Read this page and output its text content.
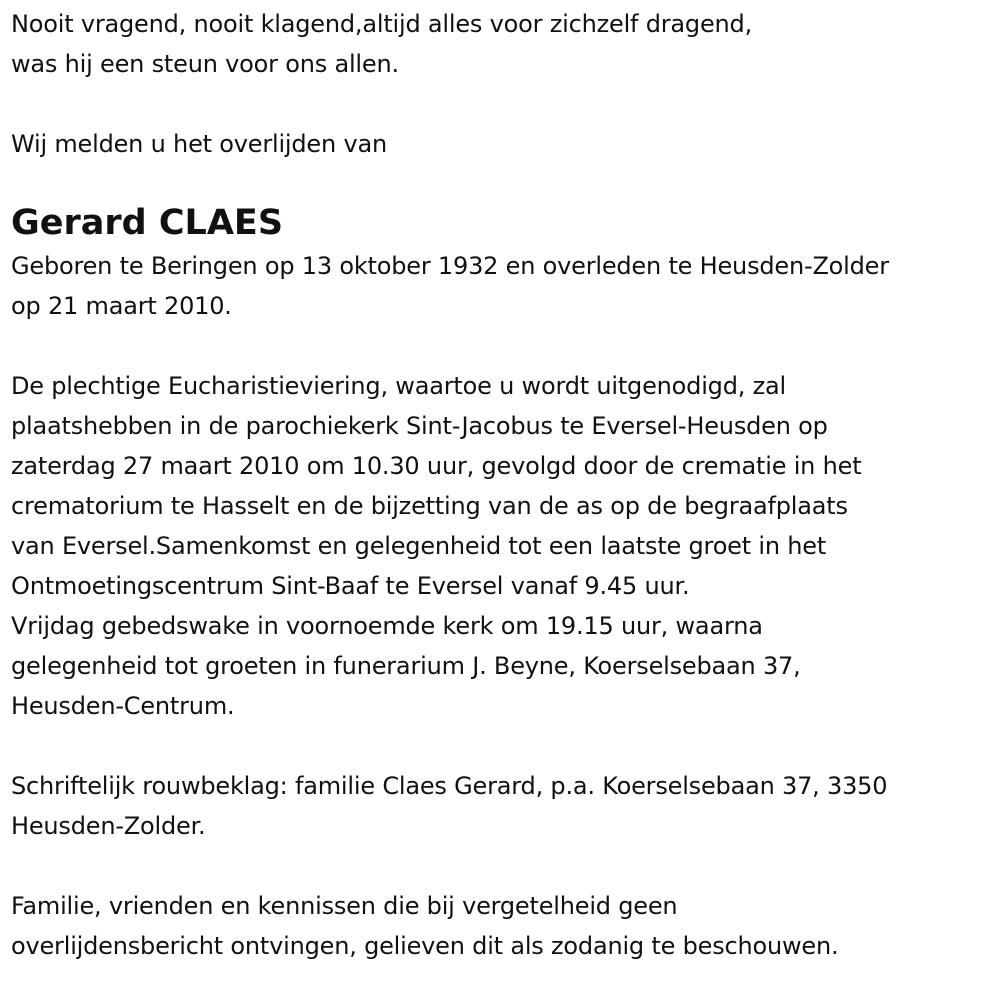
Nooit vragend, nooit klagend,altijd alles voor zichzelf dragend,
was hij een steun voor ons allen.
Wij melden u het overlijden van
Gerard CLAES
Geboren te Beringen op 13 oktober 1932 en overleden te Heusden-Zolder
op 21 maart 2010.
De plechtige Eucharistieviering, waartoe u wordt uitgenodigd, zal
plaatshebben in de parochiekerk Sint-Jacobus te Eversel-Heusden op
zaterdag 27 maart 2010 om 10.30 uur, gevolgd door de crematie in het
crematorium te Hasselt en de bijzetting van de as op de begraafplaats
van Eversel.Samenkomst en gelegenheid tot een laatste groet in het
Ontmoetingscentrum Sint-Baaf te Eversel vanaf 9.45 uur.
Vrijdag gebedswake in voornoemde kerk om 19.15 uur, waarna
gelegenheid tot groeten in funerarium J. Beyne, Koerselsebaan 37,
Heusden-Centrum.
Schriftelijk rouwbeklag: familie Claes Gerard, p.a. Koerselsebaan 37, 3350
Heusden-Zolder.
Familie, vrienden en kennissen die bij vergetelheid geen
overlijdensbericht ontvingen, gelieven dit als zodanig te beschouwen.
